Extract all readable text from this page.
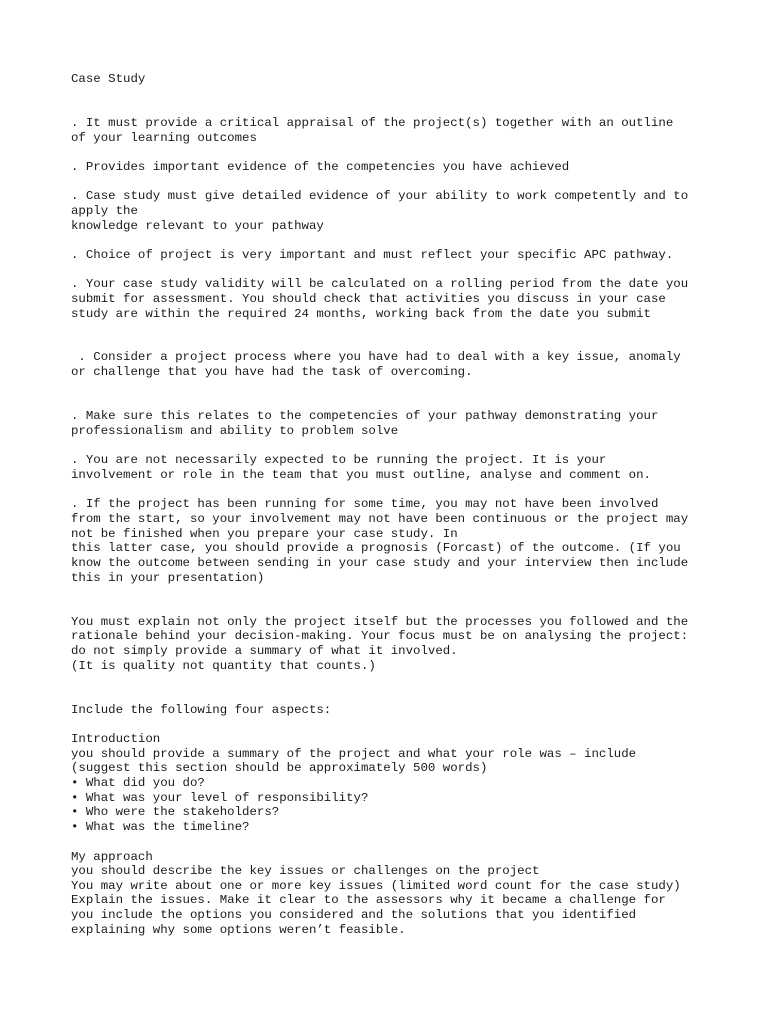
Case Study
. It must provide a critical appraisal of the project(s) together with an outline
of your learning outcomes
. Provides important evidence of the competencies you have achieved
. Case study must give detailed evidence of your ability to work competently and to
apply the
knowledge relevant to your pathway
. Choice of project is very important and must reflect your specific APC pathway.
. Your case study validity will be calculated on a rolling period from the date you
submit for assessment. You should check that activities you discuss in your case
study are within the required 24 months, working back from the date you submit
. Consider a project process where you have had to deal with a key issue, anomaly
or challenge that you have had the task of overcoming.
. Make sure this relates to the competencies of your pathway demonstrating your
professionalism and ability to problem solve
. You are not necessarily expected to be running the project. It is your
involvement or role in the team that you must outline, analyse and comment on.
. If the project has been running for some time, you may not have been involved
from the start, so your involvement may not have been continuous or the project may
not be finished when you prepare your case study. In
this latter case, you should provide a prognosis (Forcast) of the outcome. (If you
know the outcome between sending in your case study and your interview then include
this in your presentation)
You must explain not only the project itself but the processes you followed and the
rationale behind your decision-making. Your focus must be on analysing the project:
do not simply provide a summary of what it involved.
(It is quality not quantity that counts.)
Include the following four aspects:
Introduction
you should provide a summary of the project and what your role was – include
(suggest this section should be approximately 500 words)
• What did you do?
• What was your level of responsibility?
• Who were the stakeholders?
• What was the timeline?
My approach
you should describe the key issues or challenges on the project
You may write about one or more key issues (limited word count for the case study)
Explain the issues. Make it clear to the assessors why it became a challenge for
you include the options you considered and the solutions that you identified
explaining why some options weren’t feasible.
